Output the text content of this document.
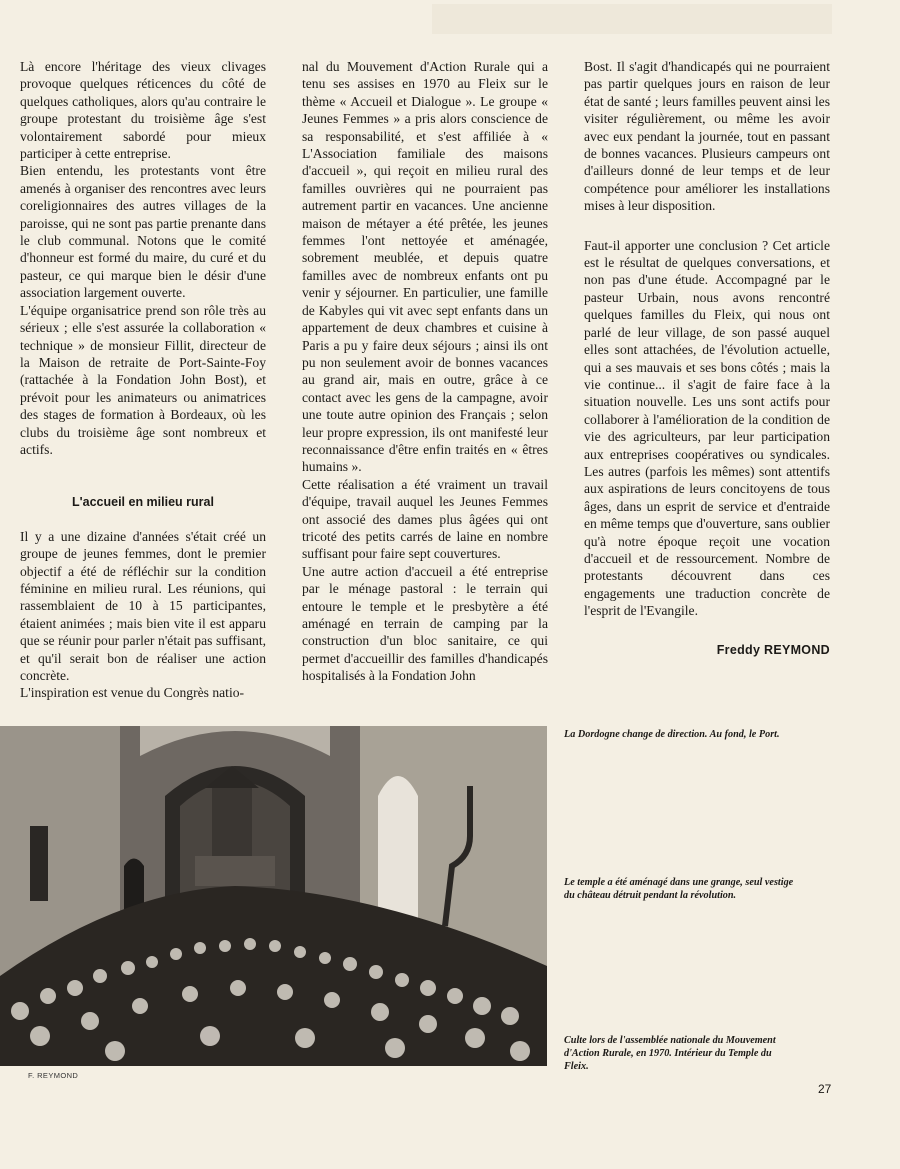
Là encore l'héritage des vieux clivages provoque quelques réticences du côté de quelques catholiques, alors qu'au contraire le groupe protestant du troisième âge s'est volontairement sabordé pour mieux participer à cette entreprise.

Bien entendu, les protestants vont être amenés à organiser des rencontres avec leurs coreligionnaires des autres villages de la paroisse, qui ne sont pas partie prenante dans le club communal. Notons que le comité d'honneur est formé du maire, du curé et du pasteur, ce qui marque bien le désir d'une association largement ouverte.

L'équipe organisatrice prend son rôle très au sérieux ; elle s'est assurée la collaboration « technique » de monsieur Fillit, directeur de la Maison de retraite de Port-Sainte-Foy (rattachée à la Fondation John Bost), et prévoit pour les animateurs ou animatrices des stages de formation à Bordeaux, où les clubs du troisième âge sont nombreux et actifs.

L'accueil en milieu rural

Il y a une dizaine d'années s'était créé un groupe de jeunes femmes, dont le premier objectif a été de réfléchir sur la condition féminine en milieu rural. Les réunions, qui rassemblaient de 10 à 15 participantes, étaient animées ; mais bien vite il est apparu que se réunir pour parler n'était pas suffisant, et qu'il serait bon de réaliser une action concrète.

L'inspiration est venue du Congrès natio-

nal du Mouvement d'Action Rurale qui a tenu ses assises en 1970 au Fleix sur le thème « Accueil et Dialogue ». Le groupe « Jeunes Femmes » a pris alors conscience de sa responsabilité, et s'est affiliée à « L'Association familiale des maisons d'accueil », qui reçoit en milieu rural des familles ouvrières qui ne pourraient pas autrement partir en vacances. Une ancienne maison de métayer a été prêtée, les jeunes femmes l'ont nettoyée et aménagée, sobrement meublée, et depuis quatre familles avec de nombreux enfants ont pu venir y séjourner. En particulier, une famille de Kabyles qui vit avec sept enfants dans un appartement de deux chambres et cuisine à Paris a pu y faire deux séjours ; ainsi ils ont pu non seulement avoir de bonnes vacances au grand air, mais en outre, grâce à ce contact avec les gens de la campagne, avoir une toute autre opinion des Français ; selon leur propre expression, ils ont manifesté leur reconnaissance d'être enfin traités en « êtres humains ».

Cette réalisation a été vraiment un travail d'équipe, travail auquel les Jeunes Femmes ont associé des dames plus âgées qui ont tricoté des petits carrés de laine en nombre suffisant pour faire sept couvertures.

Une autre action d'accueil a été entreprise par le ménage pastoral : le terrain qui entoure le temple et le presbytère a été aménagé en terrain de camping par la construction d'un bloc sanitaire, ce qui permet d'accueillir des familles d'handicapés hospitalisés à la Fondation John

Bost. Il s'agit d'handicapés qui ne pourraient pas partir quelques jours en raison de leur état de santé ; leurs familles peuvent ainsi les visiter régulièrement, ou même les avoir avec eux pendant la journée, tout en passant de bonnes vacances. Plusieurs campeurs ont d'ailleurs donné de leur temps et de leur compétence pour améliorer les installations mises à leur disposition.

Faut-il apporter une conclusion ? Cet article est le résultat de quelques conversations, et non pas d'une étude. Accompagné par le pasteur Urbain, nous avons rencontré quelques familles du Fleix, qui nous ont parlé de leur village, de son passé auquel elles sont attachées, de l'évolution actuelle, qui a ses mauvais et ses bons côtés ; mais la vie continue... il s'agit de faire face à la situation nouvelle. Les uns sont actifs pour collaborer à l'amélioration de la condition de vie des agriculteurs, par leur participation aux entreprises coopératives ou syndicales. Les autres (parfois les mêmes) sont attentifs aux aspirations de leurs concitoyens de tous âges, dans un esprit de service et d'entraide en même temps que d'ouverture, sans oublier qu'à notre époque reçoit une vocation d'accueil et de ressourcement. Nombre de protestants découvrent dans ces engagements une traduction concrète de l'esprit de l'Evangile.

Freddy REYMOND
F. REYMOND
La Dordogne change de direction. Au fond, le Port.
Le temple a été aménagé dans une grange, seul vestige du château détruit pendant la révolution.
Culte lors de l'assemblée nationale du Mouvement d'Action Rurale, en 1970. Intérieur du Temple du Fleix.
27
